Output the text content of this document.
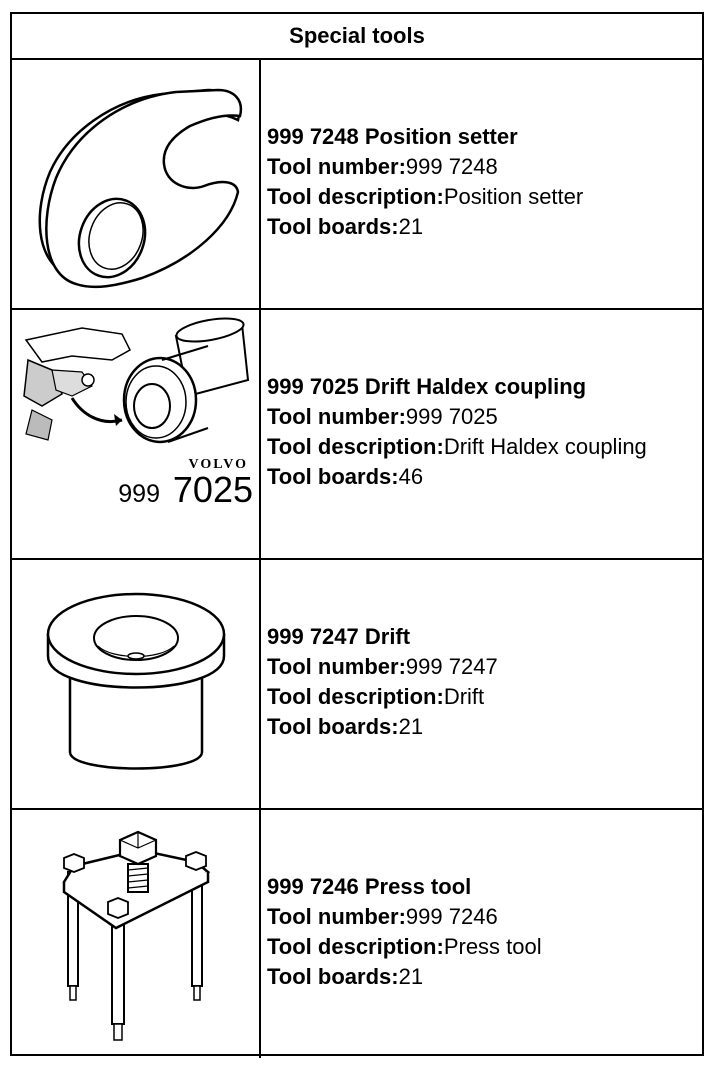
Special tools
999 7248 Position setter
Tool number:999 7248
Tool description:Position setter
Tool boards:21
VOLVO
999 7025
999 7025 Drift Haldex coupling
Tool number:999 7025
Tool description:Drift Haldex coupling
Tool boards:46
999 7247 Drift
Tool number:999 7247
Tool description:Drift
Tool boards:21
999 7246 Press tool
Tool number:999 7246
Tool description:Press tool
Tool boards:21
